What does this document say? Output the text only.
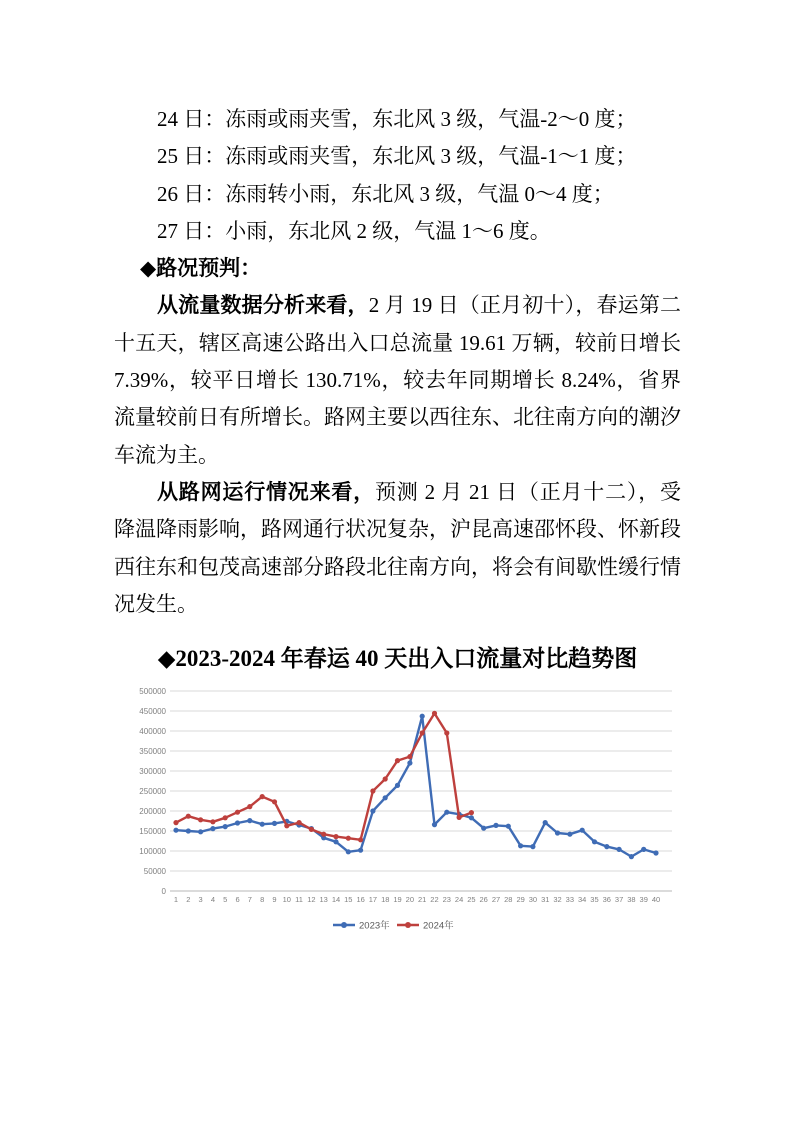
24 日：冻雨或雨夹雪，东北风 3 级，气温-2～0 度；
25 日：冻雨或雨夹雪，东北风 3 级，气温-1～1 度；
26 日：冻雨转小雨，东北风 3 级，气温 0～4 度；
27 日：小雨，东北风 2 级，气温 1～6 度。
◆路况预判：

从流量数据分析来看，2 月 19 日（正月初十），春运第二十五天，辖区高速公路出入口总流量 19.61 万辆，较前日增长 7.39%，较平日增长 130.71%，较去年同期增长 8.24%，省界流量较前日有所增长。路网主要以西往东、北往南方向的潮汐车流为主。

从路网运行情况来看，预测 2 月 21 日（正月十二），受降温降雨影响，路网通行状况复杂，沪昆高速邵怀段、怀新段西往东和包茂高速部分路段北往南方向，将会有间歇性缓行情况发生。

◆2023-2024 年春运 40 天出入口流量对比趋势图
0
50000
100000
150000
200000
250000
300000
350000
400000
450000
500000
1 2 3 4 5 6 7 8 9 10 11 12 13 14 15 16 17 18 19 20 21 22 23 24 25 26 27 28 29 30 31 32 33 34 35 36 37 38 39 40
2023年	2024年
